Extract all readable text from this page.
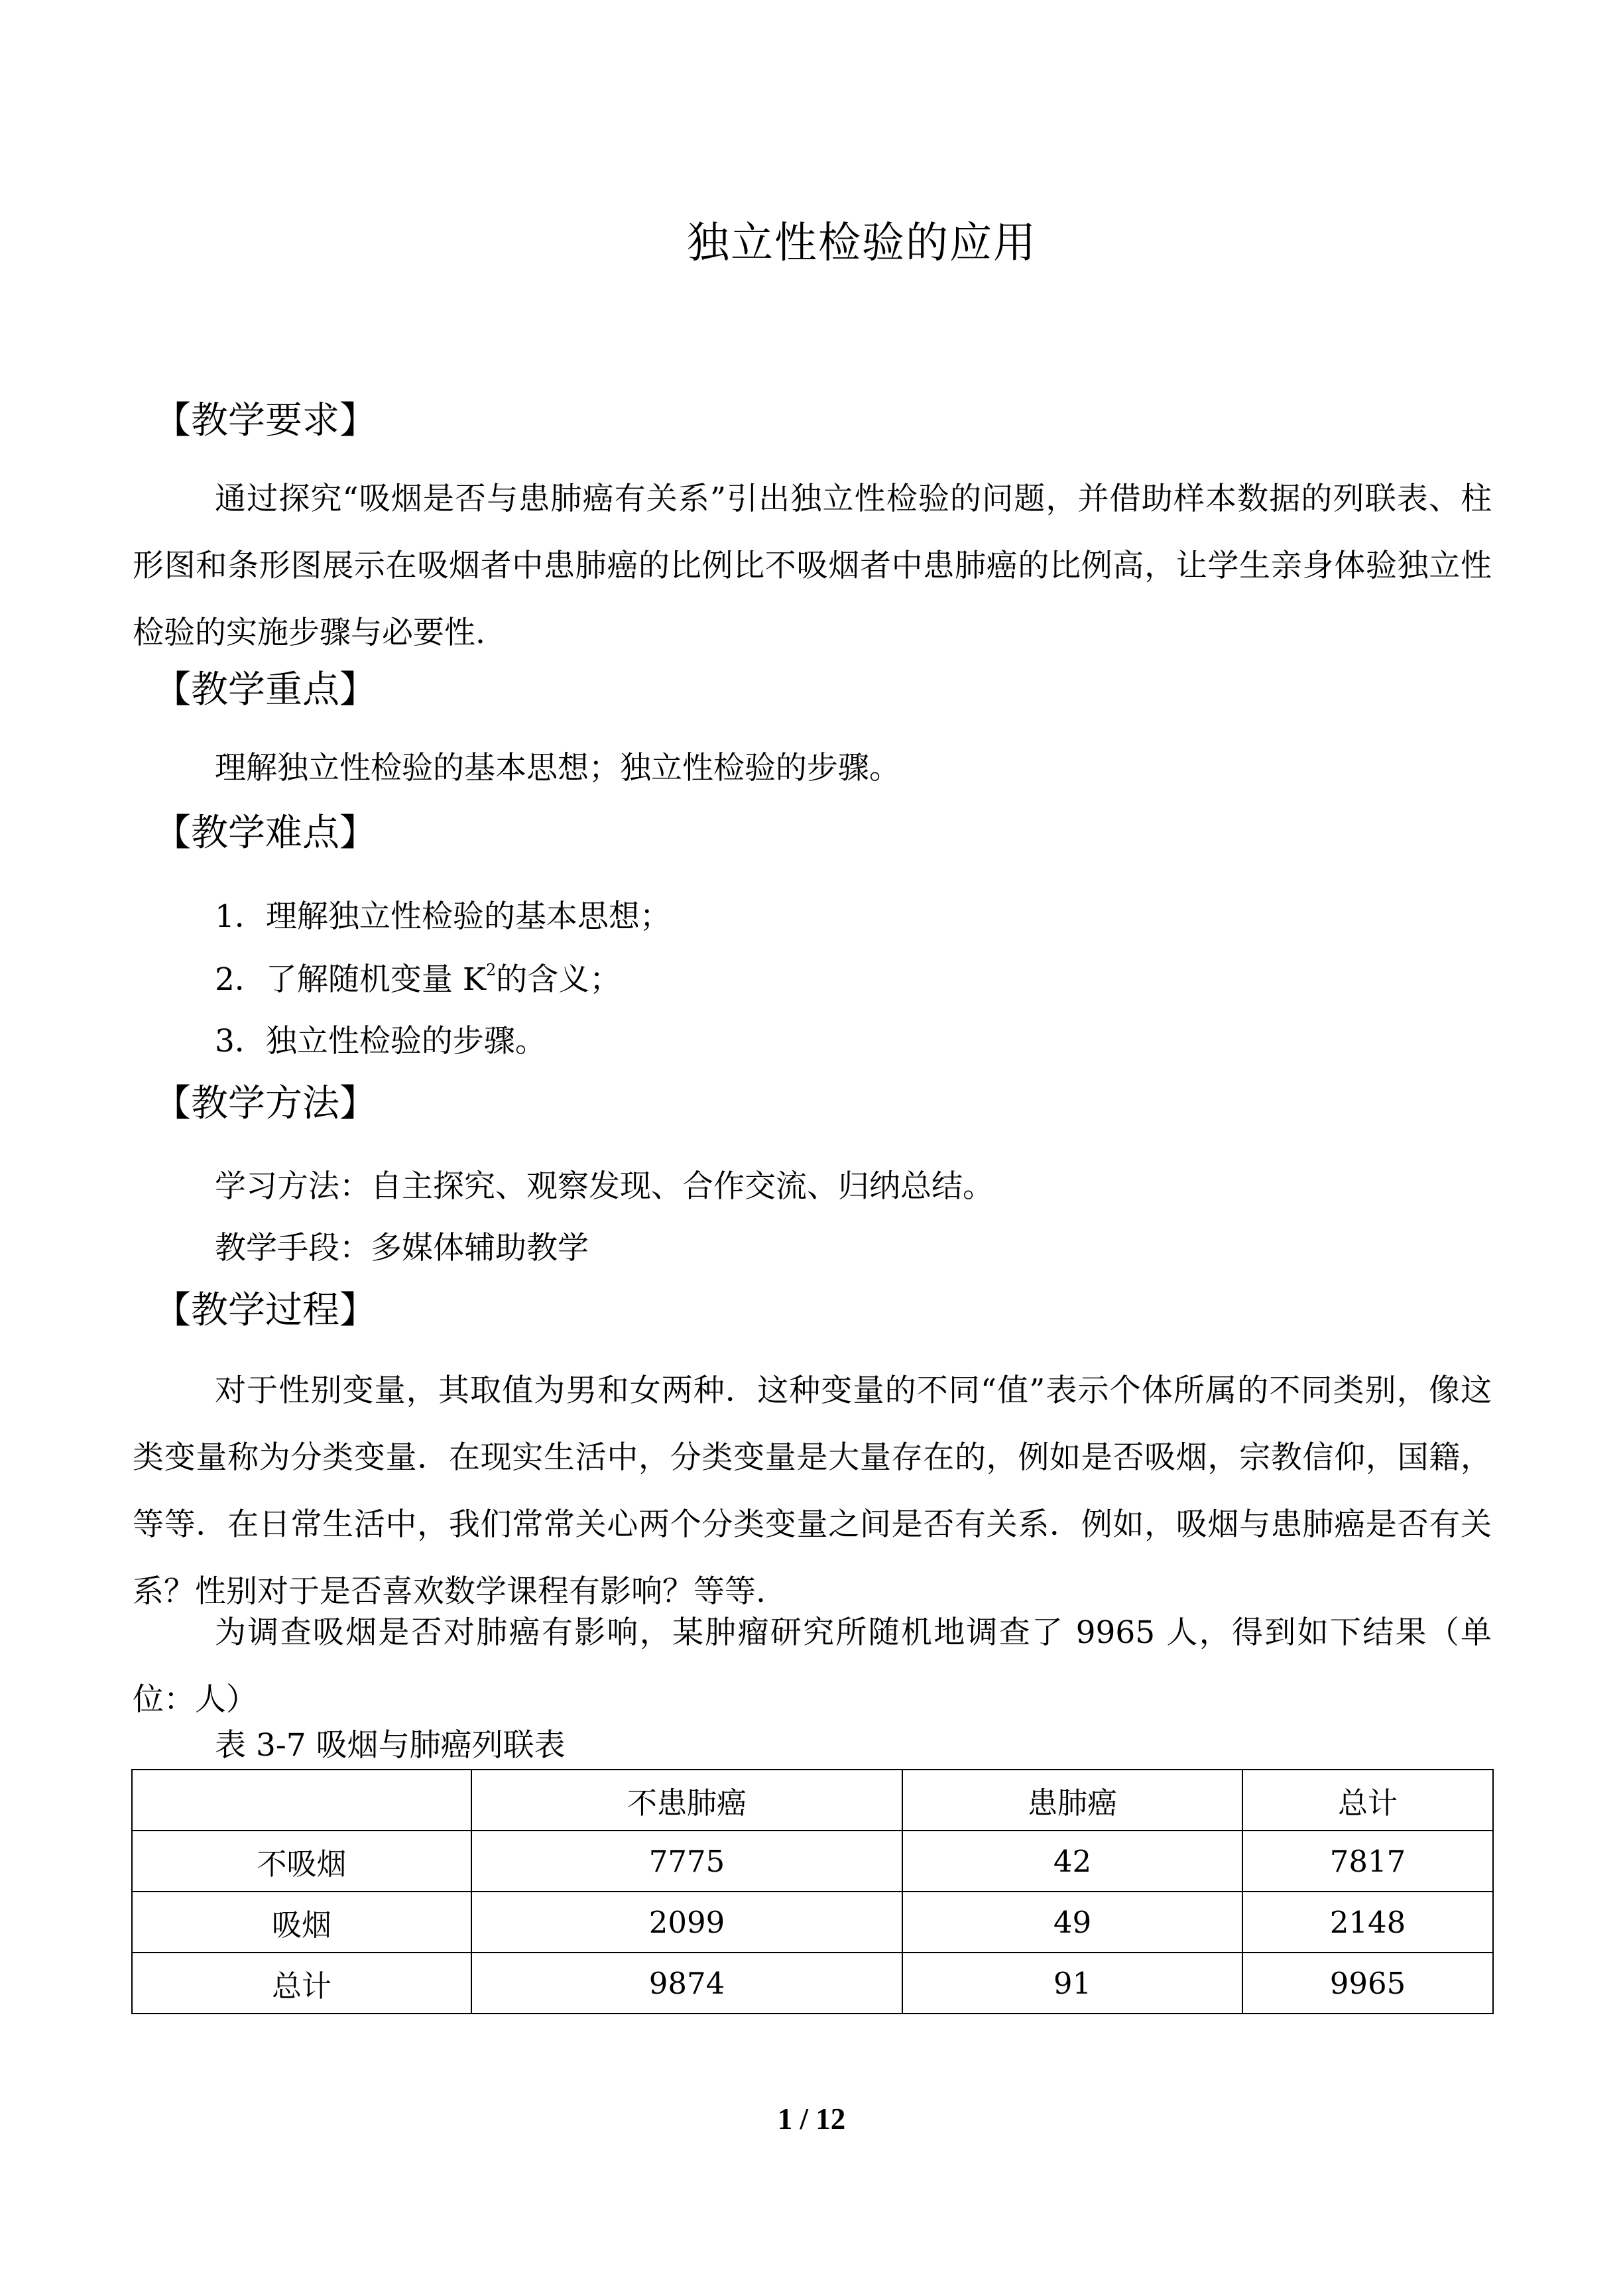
独立性检验的应用
【教学要求】
通过探究“吸烟是否与患肺癌有关系”引出独立性检验的问题，并借助样本数据的列联表、柱形图和条形图展示在吸烟者中患肺癌的比例比不吸烟者中患肺癌的比例高，让学生亲身体验独立性检验的实施步骤与必要性.
【教学重点】
理解独立性检验的基本思想；独立性检验的步骤。
【教学难点】
1．理解独立性检验的基本思想；
2．了解随机变量 $K^2$的含义；
3．独立性检验的步骤。
【教学方法】
学习方法：自主探究、观察发现、合作交流、归纳总结。
教学手段：多媒体辅助教学
【教学过程】
对于性别变量，其取值为男和女两种．这种变量的不同“值”表示个体所属的不同类别，像这类变量称为分类变量．在现实生活中，分类变量是大量存在的，例如是否吸烟，宗教信仰，国籍，等等．在日常生活中，我们常常关心两个分类变量之间是否有关系．例如，吸烟与患肺癌是否有关系？性别对于是否喜欢数学课程有影响？等等.
为调查吸烟是否对肺癌有影响，某肿瘤研究所随机地调查了 9965 人，得到如下结果（单位：人）
表 3-7 吸烟与肺癌列联表
	不患肺癌	患肺癌	总计
不吸烟	7775	42	7817
吸烟	2099	49	2148
总计	9874	91	9965
1 / 12
